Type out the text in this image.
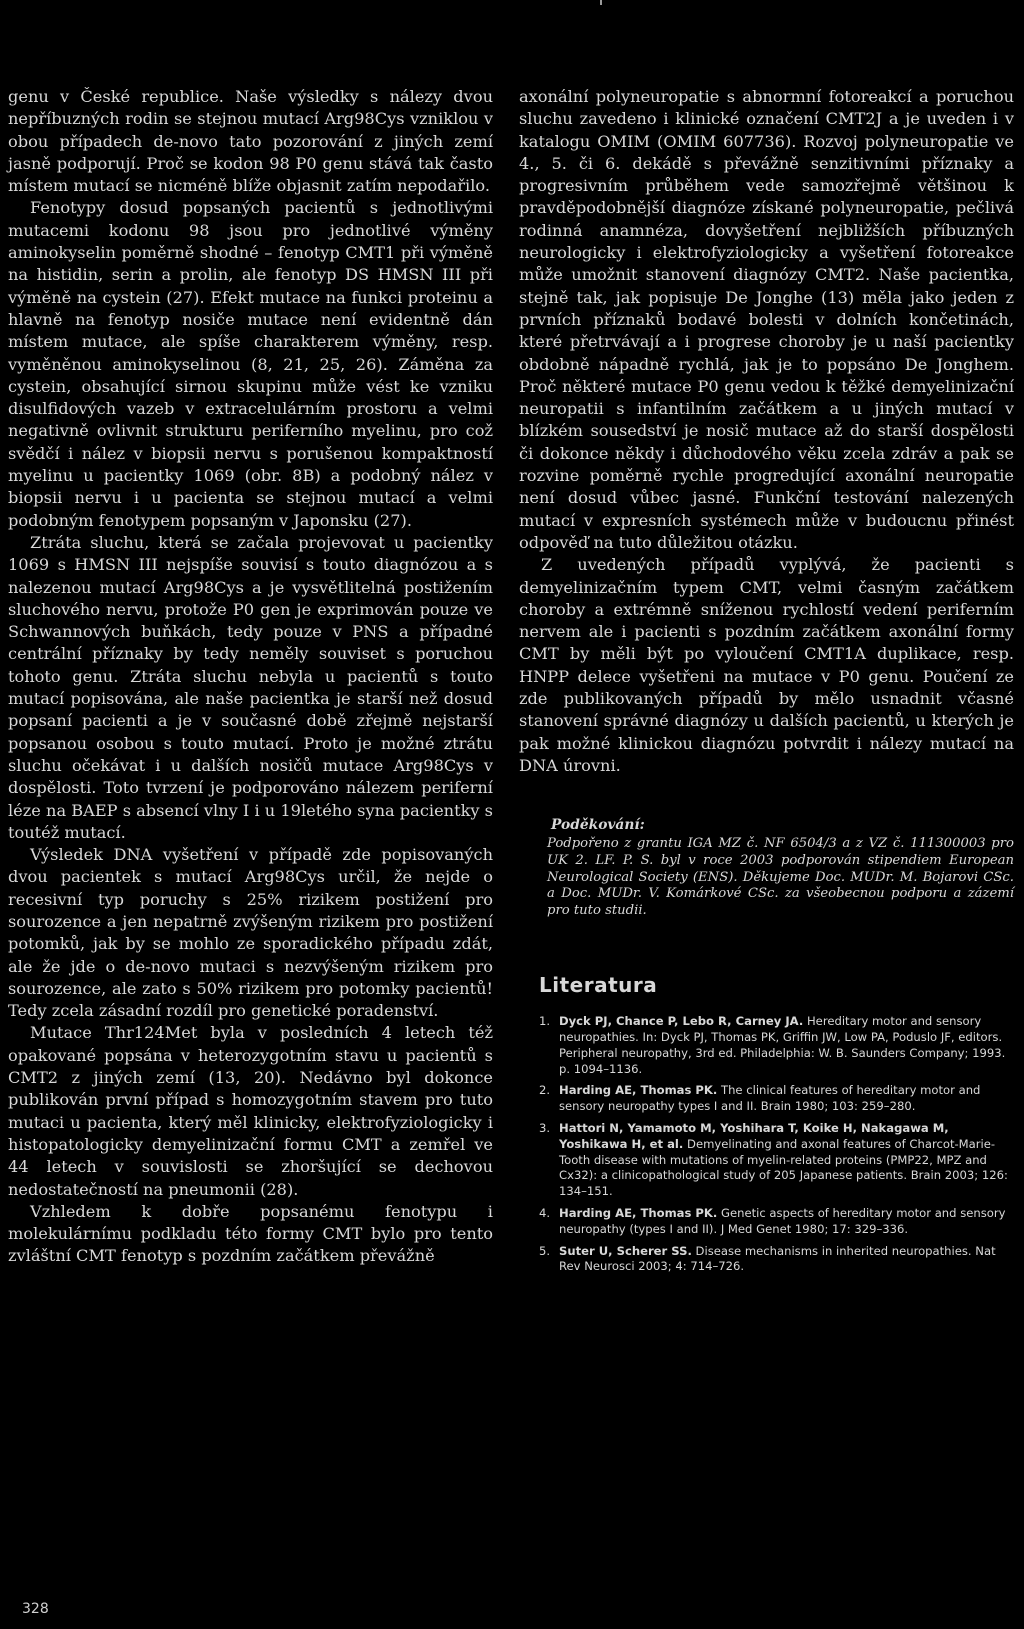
genu v České republice. Naše výsledky s nálezy dvou nepříbuzných rodin se stejnou mutací Arg98Cys vzniklou v obou případech de-novo tato pozorování z jiných zemí jasně podporují. Proč se kodon 98 P0 genu stává tak často místem mutací se nicméně blíže objasnit zatím nepodařilo.

Fenotypy dosud popsaných pacientů s jednotlivými mutacemi kodonu 98 jsou pro jednotlivé výměny aminokyselin poměrně shodné – fenotyp CMT1 při výměně na histidin, serin a prolin, ale fenotyp DS HMSN III při výměně na cystein (27). Efekt mutace na funkci proteinu a hlavně na fenotyp nosiče mutace není evidentně dán místem mutace, ale spíše charakterem výměny, resp. vyměněnou aminokyselinou (8, 21, 25, 26). Záměna za cystein, obsahující sirnou skupinu může vést ke vzniku disulfidových vazeb v extracelulárním prostoru a velmi negativně ovlivnit strukturu periferního myelinu, pro což svědčí i nález v biopsii nervu s porušenou kompaktností myelinu u pacientky 1069 (obr. 8B) a podobný nález v biopsii nervu i u pacienta se stejnou mutací a velmi podobným fenotypem popsaným v Japonsku (27).

Ztráta sluchu, která se začala projevovat u pacientky 1069 s HMSN III nejspíše souvisí s touto diagnózou a s nalezenou mutací Arg98Cys a je vysvětlitelná postižením sluchového nervu, protože P0 gen je exprimován pouze ve Schwannových buňkách, tedy pouze v PNS a případné centrální příznaky by tedy neměly souviset s poruchou tohoto genu. Ztráta sluchu nebyla u pacientů s touto mutací popisována, ale naše pacientka je starší než dosud popsaní pacienti a je v současné době zřejmě nejstarší popsanou osobou s touto mutací. Proto je možné ztrátu sluchu očekávat i u dalších nosičů mutace Arg98Cys v dospělosti. Toto tvrzení je podporováno nálezem periferní léze na BAEP s absencí vlny I i u 19letého syna pacientky s toutéž mutací.

Výsledek DNA vyšetření v případě zde popisovaných dvou pacientek s mutací Arg98Cys určil, že nejde o recesivní typ poruchy s 25% rizikem postižení pro sourozence a jen nepatrně zvýšeným rizikem pro postižení potomků, jak by se mohlo ze sporadického případu zdát, ale že jde o de-novo mutaci s nezvýšeným rizikem pro sourozence, ale zato s 50% rizikem pro potomky pacientů! Tedy zcela zásadní rozdíl pro genetické poradenství.

Mutace Thr124Met byla v posledních 4 letech též opakované popsána v heterozygotním stavu u pacientů s CMT2 z jiných zemí (13, 20). Nedávno byl dokonce publikován první případ s homozygotním stavem pro tuto mutaci u pacienta, který měl klinicky, elektrofyziologicky i histopatologicky demyelinizační formu CMT a zemřel ve 44 letech v souvislosti se zhoršující se dechovou nedostatečností na pneumonii (28).

Vzhledem k dobře popsanému fenotypu i molekulárnímu podkladu této formy CMT bylo pro tento zvláštní CMT fenotyp s pozdním začátkem převážně

axonální polyneuropatie s abnormní fotoreakcí a poruchou sluchu zavedeno i klinické označení CMT2J a je uveden i v katalogu OMIM (OMIM 607736). Rozvoj polyneuropatie ve 4., 5. či 6. dekádě s převážně senzitivními příznaky a progresivním průběhem vede samozřejmě většinou k pravděpodobnější diagnóze získané polyneuropatie, pečlivá rodinná anamnéza, dovyšetření nejbližších příbuzných neurologicky i elektrofyziologicky a vyšetření fotoreakce může umožnit stanovení diagnózy CMT2. Naše pacientka, stejně tak, jak popisuje De Jonghe (13) měla jako jeden z prvních příznaků bodavé bolesti v dolních končetinách, které přetrvávají a i progrese choroby je u naší pacientky obdobně nápadně rychlá, jak je to popsáno De Jonghem. Proč některé mutace P0 genu vedou k těžké demyelinizační neuropatii s infantilním začátkem a u jiných mutací v blízkém sousedství je nosič mutace až do starší dospělosti či dokonce někdy i důchodového věku zcela zdráv a pak se rozvine poměrně rychle progredující axonální neuropatie není dosud vůbec jasné. Funkční testování nalezených mutací v expresních systémech může v budoucnu přinést odpověď na tuto důležitou otázku.

Z uvedených případů vyplývá, že pacienti s demyelinizačním typem CMT, velmi časným začátkem choroby a extrémně sníženou rychlostí vedení periferním nervem ale i pacienti s pozdním začátkem axonální formy CMT by měli být po vyloučení CMT1A duplikace, resp. HNPP delece vyšetřeni na mutace v P0 genu. Poučení ze zde publikovaných případů by mělo usnadnit včasné stanovení správné diagnózy u dalších pacientů, u kterých je pak možné klinickou diagnózu potvrdit i nálezy mutací na DNA úrovni.

Poděkování:
Podpořeno z grantu IGA MZ č. NF 6504/3 a z VZ č. 111300003 pro UK 2. LF. P. S. byl v roce 2003 podporován stipendiem European Neurological Society (ENS). Děkujeme Doc. MUDr. M. Bojarovi CSc. a Doc. MUDr. V. Komárkové CSc. za všeobecnou podporu a zázemí pro tuto studii.
Literatura
1. Dyck PJ, Chance P, Lebo R, Carney JA. Hereditary motor and sensory neuropathies. In: Dyck PJ, Thomas PK, Griffin JW, Low PA, Poduslo JF, editors. Peripheral neuropathy, 3rd ed. Philadelphia: W. B. Saunders Company; 1993. p. 1094–1136.
2. Harding AE, Thomas PK. The clinical features of hereditary motor and sensory neuropathy types I and II. Brain 1980; 103: 259–280.
3. Hattori N, Yamamoto M, Yoshihara T, Koike H, Nakagawa M, Yoshikawa H, et al. Demyelinating and axonal features of Charcot-Marie-Tooth disease with mutations of myelin-related proteins (PMP22, MPZ and Cx32): a clinicopathological study of 205 Japanese patients. Brain 2003; 126: 134–151.
4. Harding AE, Thomas PK. Genetic aspects of hereditary motor and sensory neuropathy (types I and II). J Med Genet 1980; 17: 329–336.
5. Suter U, Scherer SS. Disease mechanisms in inherited neuropathies. Nat Rev Neurosci 2003; 4: 714–726.
328
